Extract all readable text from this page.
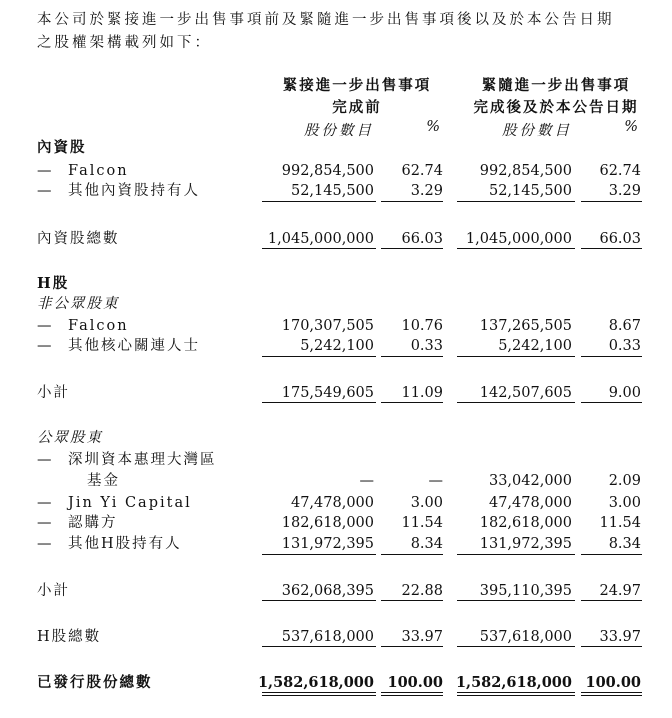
本公司於緊接進一步出售事項前及緊隨進一步出售事項後以及於本公告日期
之股權架構載列如下：
緊接進一步出售事項
完成前
緊隨進一步出售事項
完成後及於本公告日期
股份數目	%	股份數目	%
內資股
— Falcon	992,854,500 62.74	992,854,500 62.74
— 其他內資股持有人	52,145,500	3.29	52,145,500	3.29
內資股總數	1,045,000,000 66.03 1,045,000,000 66.03
H股
非公眾股東
— Falcon	170,307,505 10.76	137,265,505	8.67
— 其他核心關連人士	5,242,100	0.33	5,242,100	0.33
小計	175,549,605 11.09	142,507,605	9.00
公眾股東
— 深圳資本惠理大灣區
基金	—	—	33,042,000	2.09
— Jin Yi Capital	47,478,000	3.00	47,478,000	3.00
— 認購方	182,618,000 11.54	182,618,000 11.54
— 其他H股持有人	131,972,395	8.34	131,972,395	8.34
小計	362,068,395 22.88	395,110,395 24.97
H股總數	537,618,000 33.97	537,618,000 33.97
已發行股份總數	1,582,618,000 100.00 1,582,618,000 100.00
